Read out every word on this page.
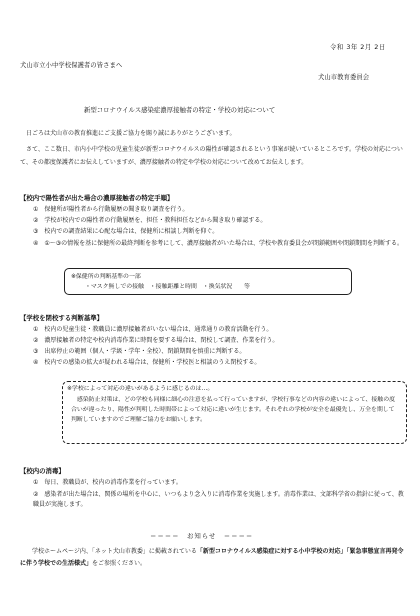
令和 3年 2月 2日
犬山市立小中学校保護者の皆さまへ
犬山市教育委員会
新型コロナウイルス感染症濃厚接触者の特定・学校の対応について
日ごろは犬山市の教育推進にご支援ご協力を賜り誠にありがとうございます。
さて、ここ数日、市内小中学校の児童生徒が新型コロナウイルスの陽性が確認されるという事案が続いているところです。学校の対応について、その都度保護者にお伝えしていますが、濃厚接触者の特定や学校の対応について改めてお伝えします。
【校内で陽性者が出た場合の濃厚接触者の特定手順】
①　保健所が陽性者から行動履歴の聞き取り調査を行う。
②　学校が校内での陽性者の行動履歴を、担任・教科担任などから聞き取り確認する。
③　校内での調査結果に心配な場合は、保健所に相談し判断を仰ぐ。
④　①～③の情報を基に保健所の最終判断を参考にして、濃厚接触者がいた場合は、学校や教育委員会が閉鎖範囲や閉鎖期間を判断する。
※保健所の判断基準の一部
・マスク無しでの接触　・接触距離と時間　・換気状況　　等
【学校を閉校する判断基準】
①　校内の児童生徒・教職員に濃厚接触者がいない場合は、通常通りの教育活動を行う。
②　濃厚接触者の特定や校内消毒作業に時間を要する場合は、閉校して調査、作業を行う。
③　出席停止の範囲（個人・学級・学年・全校）、閉鎖期間を慎重に判断する。
④　校内での感染の拡大が疑われる場合は、保健所・学校医と相談のうえ閉校する。
※学校によって対応の違いがあるように感じるのは…。
感染防止対策は、どの学校も同様に細心の注意を払って行っていますが、学校行事などの内容の違いによって、接触の度合いが違ったり、陽性が判明した時間帯によって対応に違いが生じます。それぞれの学校が安全を最優先し、万全を期して判断していますのでご理解ご協力をお願いします。
【校内の消毒】
①　毎日、教職員が、校内の消毒作業を行っています。
②　感染者が出た場合は、関係の場所を中心に、いつもより念入りに消毒作業を実施します。消毒作業は、文部科学省の指針に従って、教職員が実施します。
＝＝＝＝　お知らせ　＝＝＝＝
学校ホームページ内、「ネット犬山市教委」に掲載されている「新型コロナウイルス感染症に対する小中学校の対応」「緊急事態宣言再発令に伴う学校での生活様式」をご参照ください。
